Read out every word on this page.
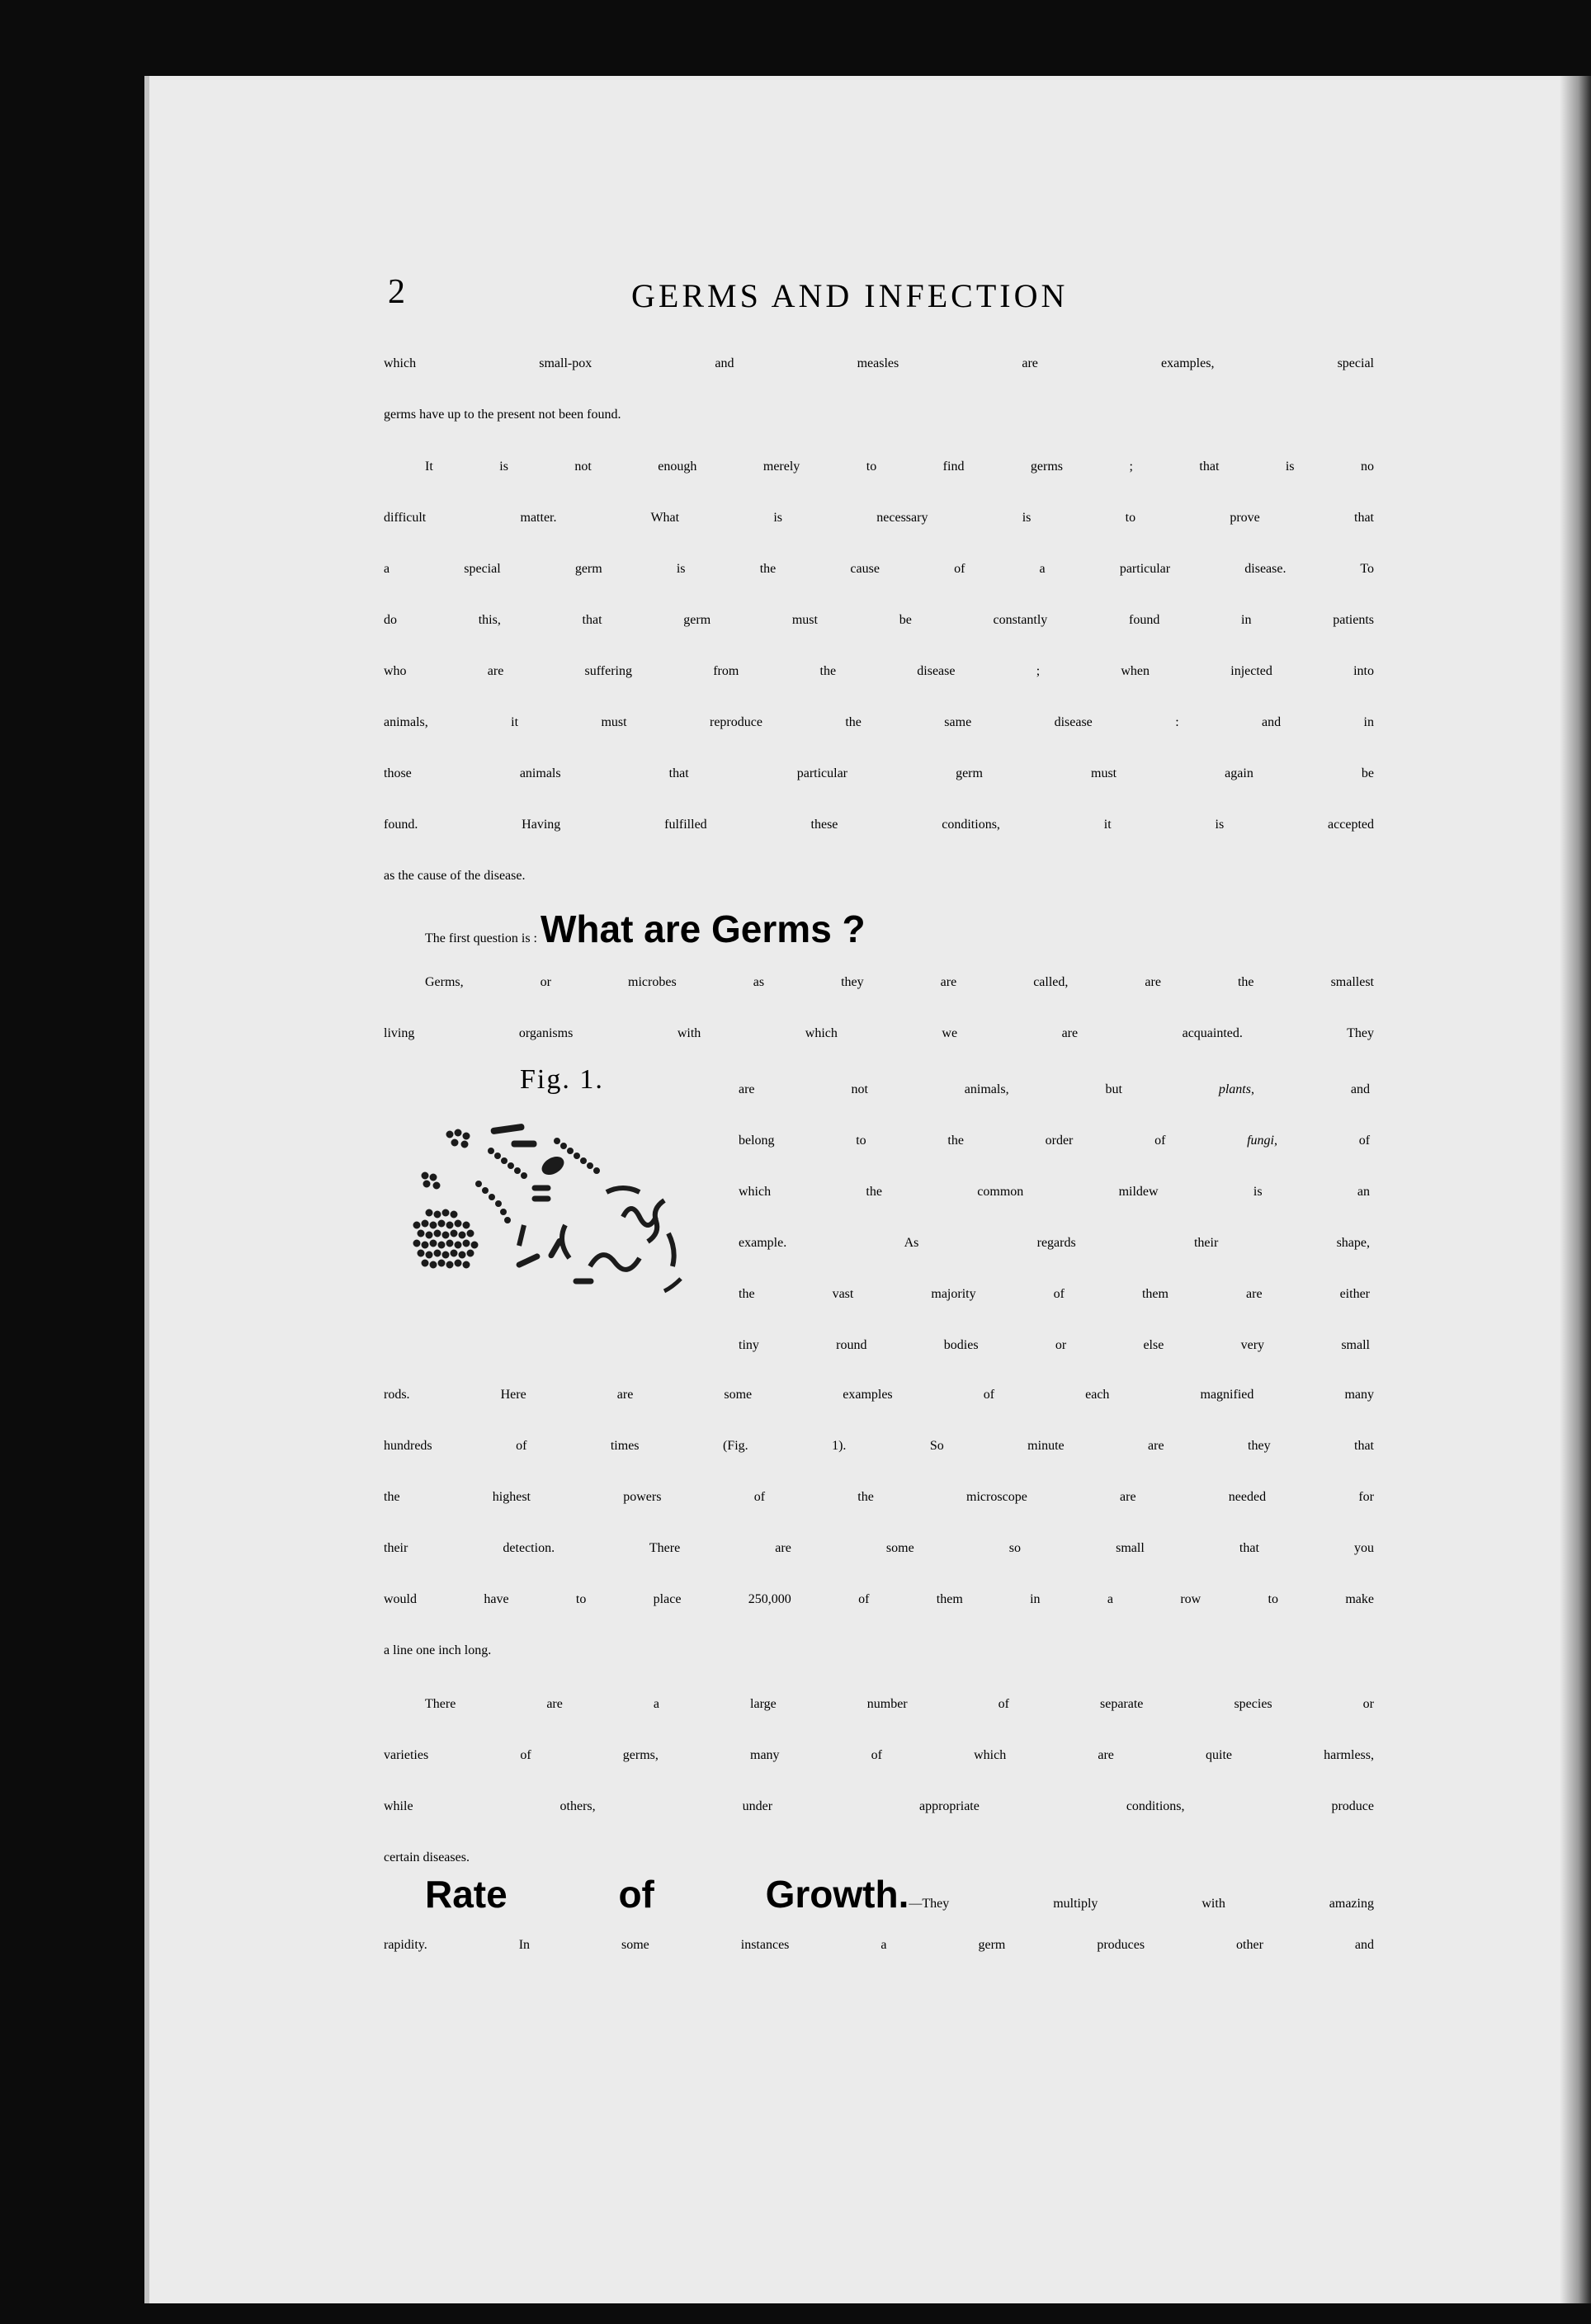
2	GERMS AND INFECTION
which small-pox and measles are examples, special
germs have up to the present not been found.
It is not enough merely to find germs ; that is no
difficult matter. What is necessary is to prove that
a special germ is the cause of a particular disease. To
do this, that germ must be constantly found in patients
who are suffering from the disease ; when injected into
animals, it must reproduce the same disease : and in
those animals that particular germ must again be
found. Having fulfilled these conditions, it is accepted
as the cause of the disease.
The first question is : What are Germs ?
Germs, or microbes as they are called, are the smallest
living organisms with which we are acquainted. They
Fig. 1.	are not animals, but	plants, and
belong to the order of	fungi, of
which the common mildew is an
example. As regards their shape,
the vast majority of them are either
tiny round bodies or else very small
rods. Here are some examples of each magnified many
hundreds of times (Fig. 1). So minute are they that
the highest powers of the microscope are needed for
their detection. There are some so small that you
would have to place 250,000 of them in a row to make
a line one inch long.
There are a large number of separate species or
varieties of germs, many of which are quite harmless,
while others, under appropriate conditions, produce
certain diseases.
Rate of Growth.—They multiply with amazing
rapidity. In some instances a germ produces other and
